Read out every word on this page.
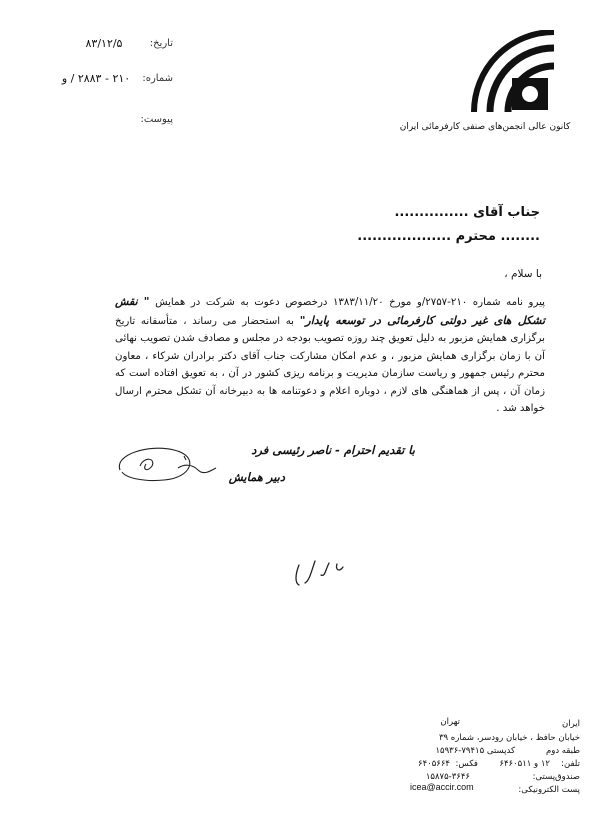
تاریخ:
۸۳/۱۲/۵
شماره:
۲۱۰ - ۲۸۸۳ / و
پیوست:
کانون عالی انجمن‌های صنفی کارفرمائی ایران
جناب آقای ...............
........ محترم ...................
با سلام ،
پیرو نامه شماره ۲۱۰-۲۷۵۷/و مورخ ۱۳۸۳/۱۱/۲۰ درخصوص دعوت به شرکت در همایش " نقش تشکل های غیر دولتی کارفرمائی در توسعه پایدار" به استحضار می رساند ، متأسفانه تاریخ برگزاری همایش مزبور به دلیل تعویق چند روزه تصویب بودجه در مجلس و مصادف شدن تصویب نهائی آن با زمان برگزاری همایش مزبور ، و عدم امکان مشارکت جناب آقای دکتر برادران شرکاء ، معاون محترم رئیس جمهور و ریاست سازمان مدیریت و برنامه ریزی کشور در آن ، به تعویق افتاده است که زمان آن ، پس از هماهنگی های لازم ، دوباره اعلام و دعوتنامه ها به دبیرخانه آن تشکل محترم ارسال خواهد شد .
با تقدیم احترام - ناصر رئیسی فرد
دبیر همایش
تهران	ایران
خیابان حافظ ، خیابان رودسر، شماره ۳۹
طبقه دوم
کدپستی ۷۹۴۱۵-۱۵۹۳۶
تلفن:
۱۲ و ۶۴۶۰۵۱۱
فکس:
۶۴۰۵۶۶۴
صندوق‌پستی:
۱۵۸۷۵-۳۶۴۶
پست الکترونیکی:
icea@accir.com
